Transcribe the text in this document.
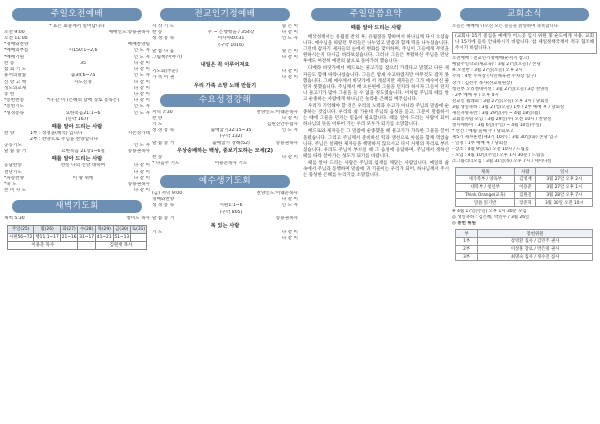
주일오전예배
* 표는 회중께서 일어납니다
오전 9:00
오전 11:00
예배인도:송용권목사
*경배와찬양	예배찬양팀
*예배의부름	시150:1~2,6	인 도 자
*예배기원	인 도 자
찬 송	35	다 같 이
참 회 기 도	다 같 이
용서의말씀	출34:6~7a	인 도 자
신 앙 고 백	사도신경	다 같 이
성도의교제	다 같 이
봉 헌	다 같 이
*봉헌찬송	*다 같 이 (은혜의 날에 장로 봉독은)	다 같 이
*봉헌기도	인 도 자
*성경봉독	요한복음21:1~6	인 도 자
(신약 167)
때를 알아 드리는 사람
찬 양	1부 : 성경을(해석) 입니다
2부 : 찬양으로 주님을 찬양합니다
시온성가대
공동기도	인 도 자
말 씀 증 거	요한복음 21장1~6절	송용권목사
때를 알아 드리는 사람
응답찬송	찬송 나의 신앙 대하여	다 같 이
결단기도	다 같 이
*파송찬양	이 땅 위에	다 같 이
*축 도	송용권목사
찬 미 사 도	다 같 이
새벽기도회
새벽 5:30	창미도 목사
주일(25)	월(26)	화(27)	수(28)	목(29)	금(30)	토(31)
시편56~72	행11:1~17	21~16	31~17	41~21	51~13	
이용준 목사				김원재 목사		
전교인기정예배
사 작 기 도	필 은 이
찬 송	주 ~ 은행행을 / 354장	다 같 이
성 경 봉 독	이사야40:31	인 도 자
(구약 1016)
말 씀 나 눔	필 은 이
그림책(이야기)	다 같 이
내일은 꼭 이루어져요
기도회(추준)	다 같 이
가 족 이 권	다 같 이
우리 가족 소망 노래 만들기
수요성경강해
저녁 7:30	찬양인도:이웨준목사
찬 양	다 같 이
기 도	김원진안수집사
성 경 봉 독	출애굽기32:15~35	인 도 자
(구약 132)
말 씀 증 거	출애굽기 강해(52)	송용권목사
우상숭배하는 백성, 중보기도하는 모세(2)
찬 송	다 같 이
* 다음주 기도	이용준목사 기도
예수생기도회
(금) 저녁 9:00	찬양인도:이웨준목사
경배와찬양	다 같 이
성 경 봉 독	시편1:1~6	인 도 자
(구약 805)
말 씀 증 거	송용권목사
복 있는 사람
기 도	다 같 이
다 같 이
주일말씀요약
때를 알아 드리는 사람
베삭성께서는 유월절 잔치 후, 유월절을 향하여서 하나님께 다시 오셨습니다. 예수님을 따랐던 무리들은 나누었고 말씀과 함께 떡을 나누셨습니다. 그런데 갑자기 제자들의 눈에서 변화를 맞이하며, 주님이 그들에게 무엇을 원하시는지 다시금 바라보셨습니다. 그러나 그들은 부활하신 주님을 만난 후에도 여전히 예전의 삶으로 돌아가려 했습니다.
디베랴 바닷가에서 베드로는 물고기를 잡으러 가겠다고 말했고 다른 제자들도 함께 따라나섰습니다. 그들은 밤새 수고하였지만 아무것도 잡지 못했습니다. 그때 예수께서 바닷가에 서 계셨지만 제자들은 그가 예수이신 줄 알지 못했습니다. 주님께서 배 오른편에 그물을 던지라 하시자 그들이 던지니 물고기가 많아 그물을 들 수 없을 정도였습니다. 이처럼 주님의 때를 알고 순종하는 사람에게 하나님은 놀라운 은혜를 베푸십니다.
우리가 기억해야 할 것은 우리의 노력과 수고가 아니라 주님의 말씀에 순종하는 것입니다. 우리의 삶 가운데 주님의 음성을 듣고, 그분이 말씀하시는 때에 그물을 던지는 믿음이 필요합니다. 때를 알아 드리는 사람이 되어 하나님의 뜻을 이루어 가는 우리 모두가 되기를 소망합니다.
베드로와 제자들은 그 말씀에 순종했을 때 물고기가 가득한 그물을 끌어올렸습니다. 그리고 주님께서 준비하신 떡과 생선으로 아침을 함께 먹었습니다. 주님은 실패한 제자들을 책망하지 않으시고 다시 사명의 자리로 부르셨습니다. 우리도 주님이 부르실 때 그 음성에 응답하며, 주님께서 정하신 때를 따라 살아가는 성도가 되기를 바랍니다.
때를 알아 드리는 사람은 주님의 임재를 깨닫는 사람입니다. 매일의 삶 속에서 주님과 동행하며 말씀에 귀 기울이는 우리가 되어, 하나님께서 주시는 풍성한 은혜를 누리기를 소망합니다.
교회소식
오늘은 예배에 나오신 모든 분들을 환영하며 축복합니다.
(교회나 15기 중심을 예배가 어느곳 입시 위원 및 순도에게 사용, 교회나 15기에 등록 안내하시기 바랍니다. 참 제일정책국께서 적극 협조해 주시기 바랍니다.)
오전예배 : 전교인기정예배(순서지 참고)
예닮주일학교(새교육) : 3월 27일(오늘) / 본당
※ 오전반 : 3월 27일(오늘) 오후 2시
주차 : 4번 주차장 (시민체육관 주차장 입구)
상가 : 김선주 목사(선교위원장)
청년부 오리엔테이션 : 3월 27일(오늘) 3층 찬양실
- 2부 예배 후 / 오후 4시
전교인 월례회 : 3월 27일(오늘) 오후 3시 / 당회실
3월 생일축하 : 3월 27일(오늘) 1부 / 2부 예배 후 / 당회실
새신자양육반 : 3월 29일(수) ~ 4월 18일(월)
교회봉사팀 모임 : 3월 29일(수) 오전 10시 / 찬양실
청시에바이 : 3월 6일(주일) ~ 4월 10일(주일)
* 안건 : 매월 둘째 주 / 당회보고
제5기 제자훈련(제3기 10주) : 3월 30일(화) 본당 입구
- 일정 : 1부 예배 후 / 당회실
- 장소 : 4월 9일(토) 오전 10시 / 드림홀
- 모임 : 4월 10일(주일) 오후 1시 30분 / 드림홀
소그룹리더모임 : 3월 31일(목) 오후 7시 / 세미나실
제목	사람	일시
새가족부 / 양육부	김영재	3월 27일 오후 2시
대학부 / 청년부	이용준	3월 27일 오후 1시
Think Orange(교육)	김원진	3월 28일 오후 7시
말씀 읽기반	장준혁	3월 30일 오전 10시
※ 4월 17일(주일) 오후 1시 30분 모임
◎ 생일축하 : 김은혜, 박민수 / 3월 26일
◎ 봉헌 위원
부	봉헌위원
1부	장영환 집사 / 김민주 권사
2부	이상훈 장로 / 박은영 권사
3부	최명숙 집사 / 정수진 집사
